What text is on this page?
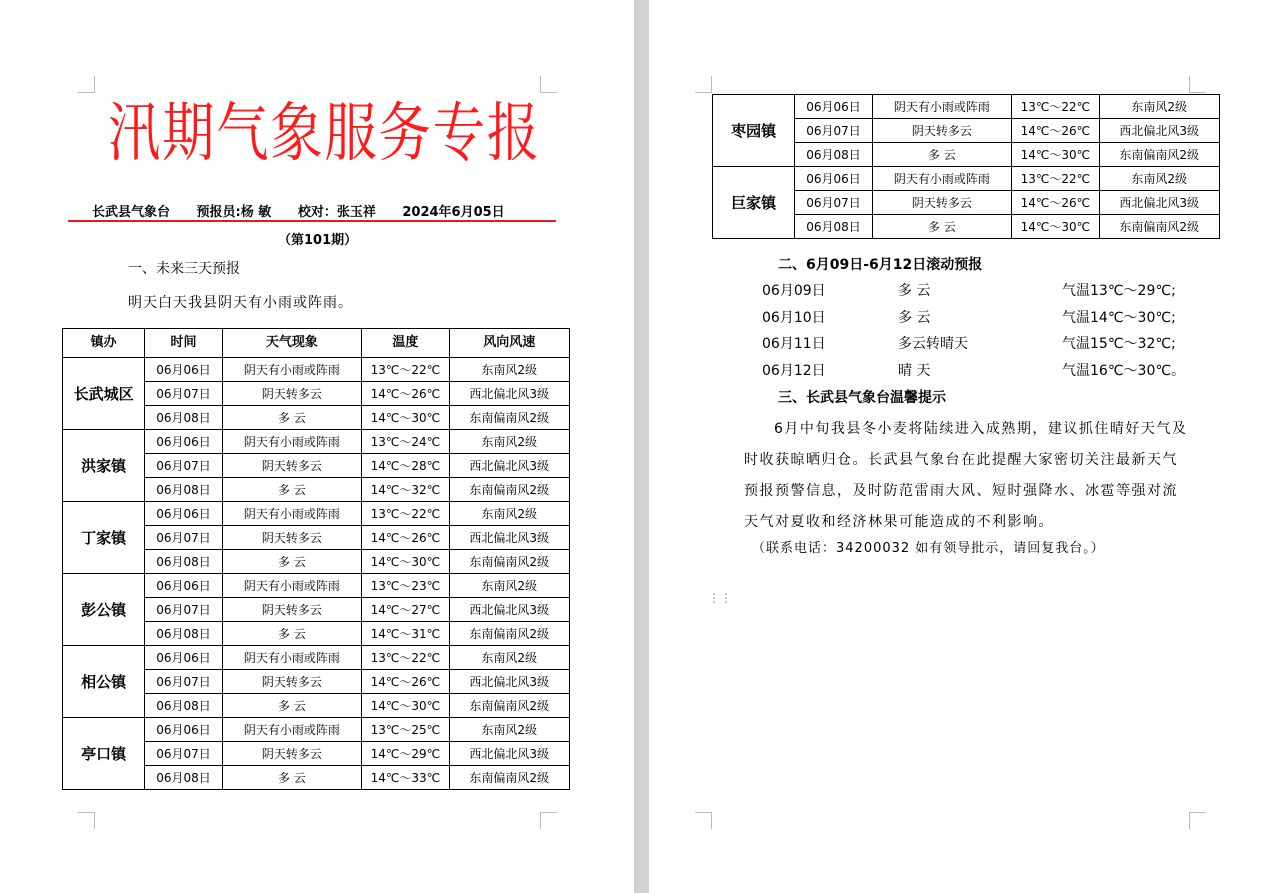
汛期气象服务专报
长武县气象台 预报员:杨 敏 校对：张玉祥 2024年6月05日
（第101期）
一、未来三天预报
明天白天我县阴天有小雨或阵雨。
镇办	时间	天气现象	温度	风向风速
长武城区	06月06日	阴天有小雨或阵雨	13℃～22℃	东南风2级
	06月07日	阴天转多云	14℃～26℃	西北偏北风3级
	06月08日	多 云	14℃～30℃	东南偏南风2级
洪家镇	06月06日	阴天有小雨或阵雨	13℃～24℃	东南风2级
	06月07日	阴天转多云	14℃～28℃	西北偏北风3级
	06月08日	多 云	14℃～32℃	东南偏南风2级
丁家镇	06月06日	阴天有小雨或阵雨	13℃～22℃	东南风2级
	06月07日	阴天转多云	14℃～26℃	西北偏北风3级
	06月08日	多 云	14℃～30℃	东南偏南风2级
彭公镇	06月06日	阴天有小雨或阵雨	13℃～23℃	东南风2级
	06月07日	阴天转多云	14℃～27℃	西北偏北风3级
	06月08日	多 云	14℃～31℃	东南偏南风2级
相公镇	06月06日	阴天有小雨或阵雨	13℃～22℃	东南风2级
	06月07日	阴天转多云	14℃～26℃	西北偏北风3级
	06月08日	多 云	14℃～30℃	东南偏南风2级
亭口镇	06月06日	阴天有小雨或阵雨	13℃～25℃	东南风2级
	06月07日	阴天转多云	14℃～29℃	西北偏北风3级
	06月08日	多 云	14℃～33℃	东南偏南风2级
枣园镇	06月06日	阴天有小雨或阵雨	13℃～22℃	东南风2级
	06月07日	阴天转多云	14℃～26℃	西北偏北风3级
	06月08日	多 云	14℃～30℃	东南偏南风2级
巨家镇	06月06日	阴天有小雨或阵雨	13℃～22℃	东南风2级
	06月07日	阴天转多云	14℃～26℃	西北偏北风3级
	06月08日	多 云	14℃～30℃	东南偏南风2级
二、6月09日-6月12日滚动预报
06月09日	多 云	气温13℃～29℃;
06月10日	多 云	气温14℃～30℃;
06月11日	多云转晴天	气温15℃～32℃;
06月12日	晴 天	气温16℃～30℃。
三、长武县气象台温馨提示

6月中旬我县冬小麦将陆续进入成熟期，建议抓住晴好天气及时收获晾晒归仓。长武县气象台在此提醒大家密切关注最新天气预报预警信息，及时防范雷雨大风、短时强降水、冰雹等强对流天气对夏收和经济林果可能造成的不利影响。

（联系电话：34200032 如有领导批示，请回复我台。）
⋮⋮
